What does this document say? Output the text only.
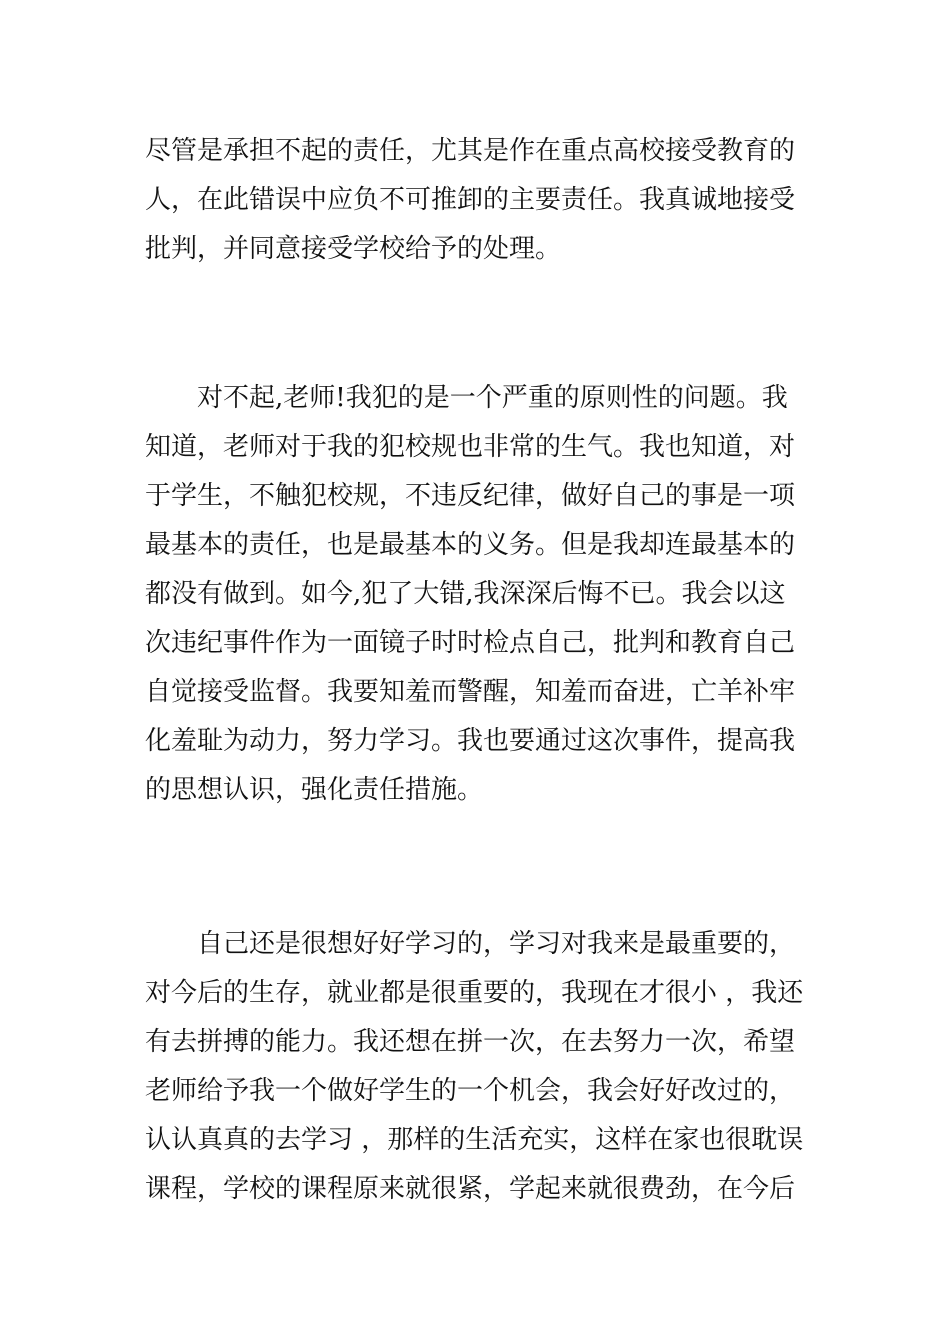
尽管是承担不起的责任，尤其是作在重点高校接受教育的
人，在此错误中应负不可推卸的主要责任。我真诚地接受
批判，并同意接受学校给予的处理。
对不起,老师!我犯的是一个严重的原则性的问题。我
知道，老师对于我的犯校规也非常的生气。我也知道，对
于学生，不触犯校规，不违反纪律，做好自己的事是一项
最基本的责任，也是最基本的义务。但是我却连最基本的
都没有做到。如今,犯了大错,我深深后悔不已。我会以这
次违纪事件作为一面镜子时时检点自己，批判和教育自己
自觉接受监督。我要知羞而警醒，知羞而奋进，亡羊补牢
化羞耻为动力，努力学习。我也要通过这次事件，提高我
的思想认识，强化责任措施。
自己还是很想好好学习的，学习对我来是最重要的，
对今后的生存，就业都是很重要的，我现在才很小 ，我还
有去拼搏的能力。我还想在拼一次，在去努力一次，希望
老师给予我一个做好学生的一个机会，我会好好改过的，
认认真真的去学习 ，那样的生活充实，这样在家也很耽误
课程，学校的课程原来就很紧，学起来就很费劲，在今后
